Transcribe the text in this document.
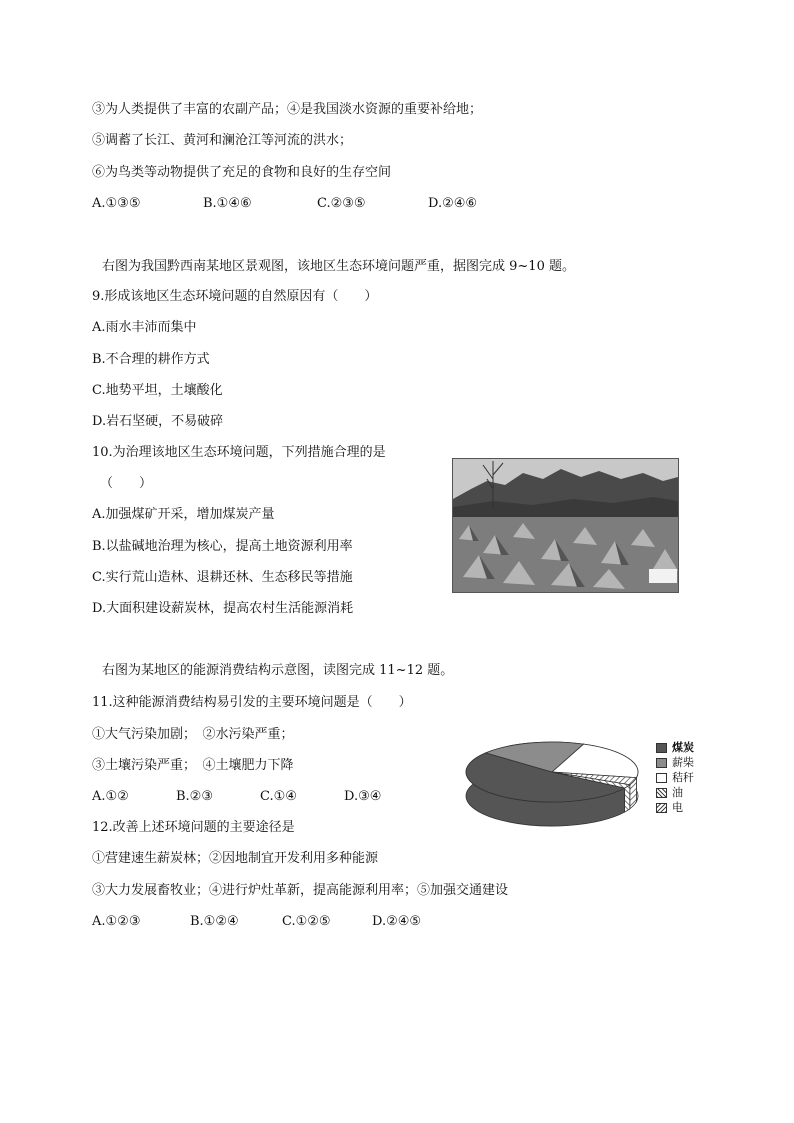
③为人类提供了丰富的农副产品；④是我国淡水资源的重要补给地；
⑤调蓄了长江、黄河和澜沧江等河流的洪水；
⑥为鸟类等动物提供了充足的食物和良好的生存空间
A.①③⑤	B.①④⑥	C.②③⑤	D.②④⑥
右图为我国黔西南某地区景观图，该地区生态环境问题严重，据图完成 9~10 题。
9.形成该地区生态环境问题的自然原因有（　　）
A.雨水丰沛而集中
B.不合理的耕作方式
C.地势平坦，土壤酸化
D.岩石坚硬，不易破碎
10.为治理该地区生态环境问题，下列措施合理的是
（　　）
A.加强煤矿开采，增加煤炭产量
B.以盐碱地治理为核心，提高土地资源利用率
C.实行荒山造林、退耕还林、生态移民等措施
D.大面积建设薪炭林，提高农村生活能源消耗
右图为某地区的能源消费结构示意图，读图完成 11~12 题。
11.这种能源消费结构易引发的主要环境问题是（　　）
①大气污染加剧；　②水污染严重；
③土壤污染严重；　④土壤肥力下降
A.①②	B.②③	C.①④	D.③④
12.改善上述环境问题的主要途径是
①营建速生薪炭林；②因地制宜开发利用多种能源
③大力发展畜牧业；④进行炉灶革新，提高能源利用率；⑤加强交通建设
A.①②③	B.①②④	C.①②⑤	D.②④⑤
煤炭
薪柴
秸秆
油
电
